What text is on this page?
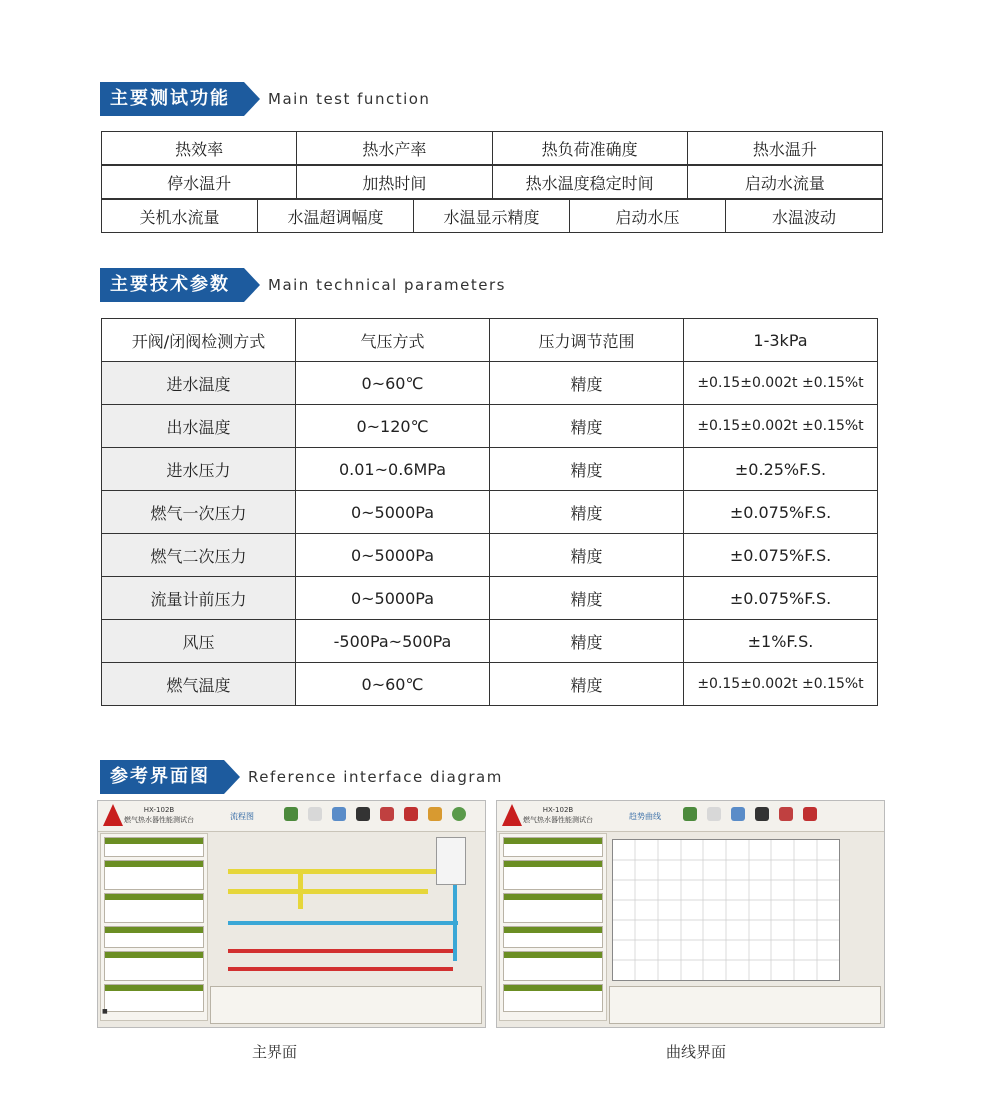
主要测试功能	Main test function
热效率	热水产率	热负荷准确度	热水温升

停水温升	加热时间	热水温度稳定时间	启动水流量

关机水流量	水温超调幅度	水温显示精度	启动水压	水温波动
主要技术参数	Main technical parameters
开阀/闭阀检测方式	气压方式	压力调节范围	1-3kPa
进水温度	0~60℃	精度	±0.15±0.002t ±0.15%t
出水温度	0~120℃	精度	±0.15±0.002t ±0.15%t
进水压力	0.01~0.6MPa	精度	±0.25%F.S.
燃气一次压力	0~5000Pa	精度	±0.075%F.S.
燃气二次压力	0~5000Pa	精度	±0.075%F.S.
流量计前压力	0~5000Pa	精度	±0.075%F.S.
风压	-500Pa~500Pa	精度	±1%F.S.
燃气温度	0~60℃	精度	±0.15±0.002t ±0.15%t
参考界面图	Reference interface diagram
HX-102B
燃气热水器性能测试台	流程图
■
HX-102B
燃气热水器性能测试台	趋势曲线
主界面	曲线界面
